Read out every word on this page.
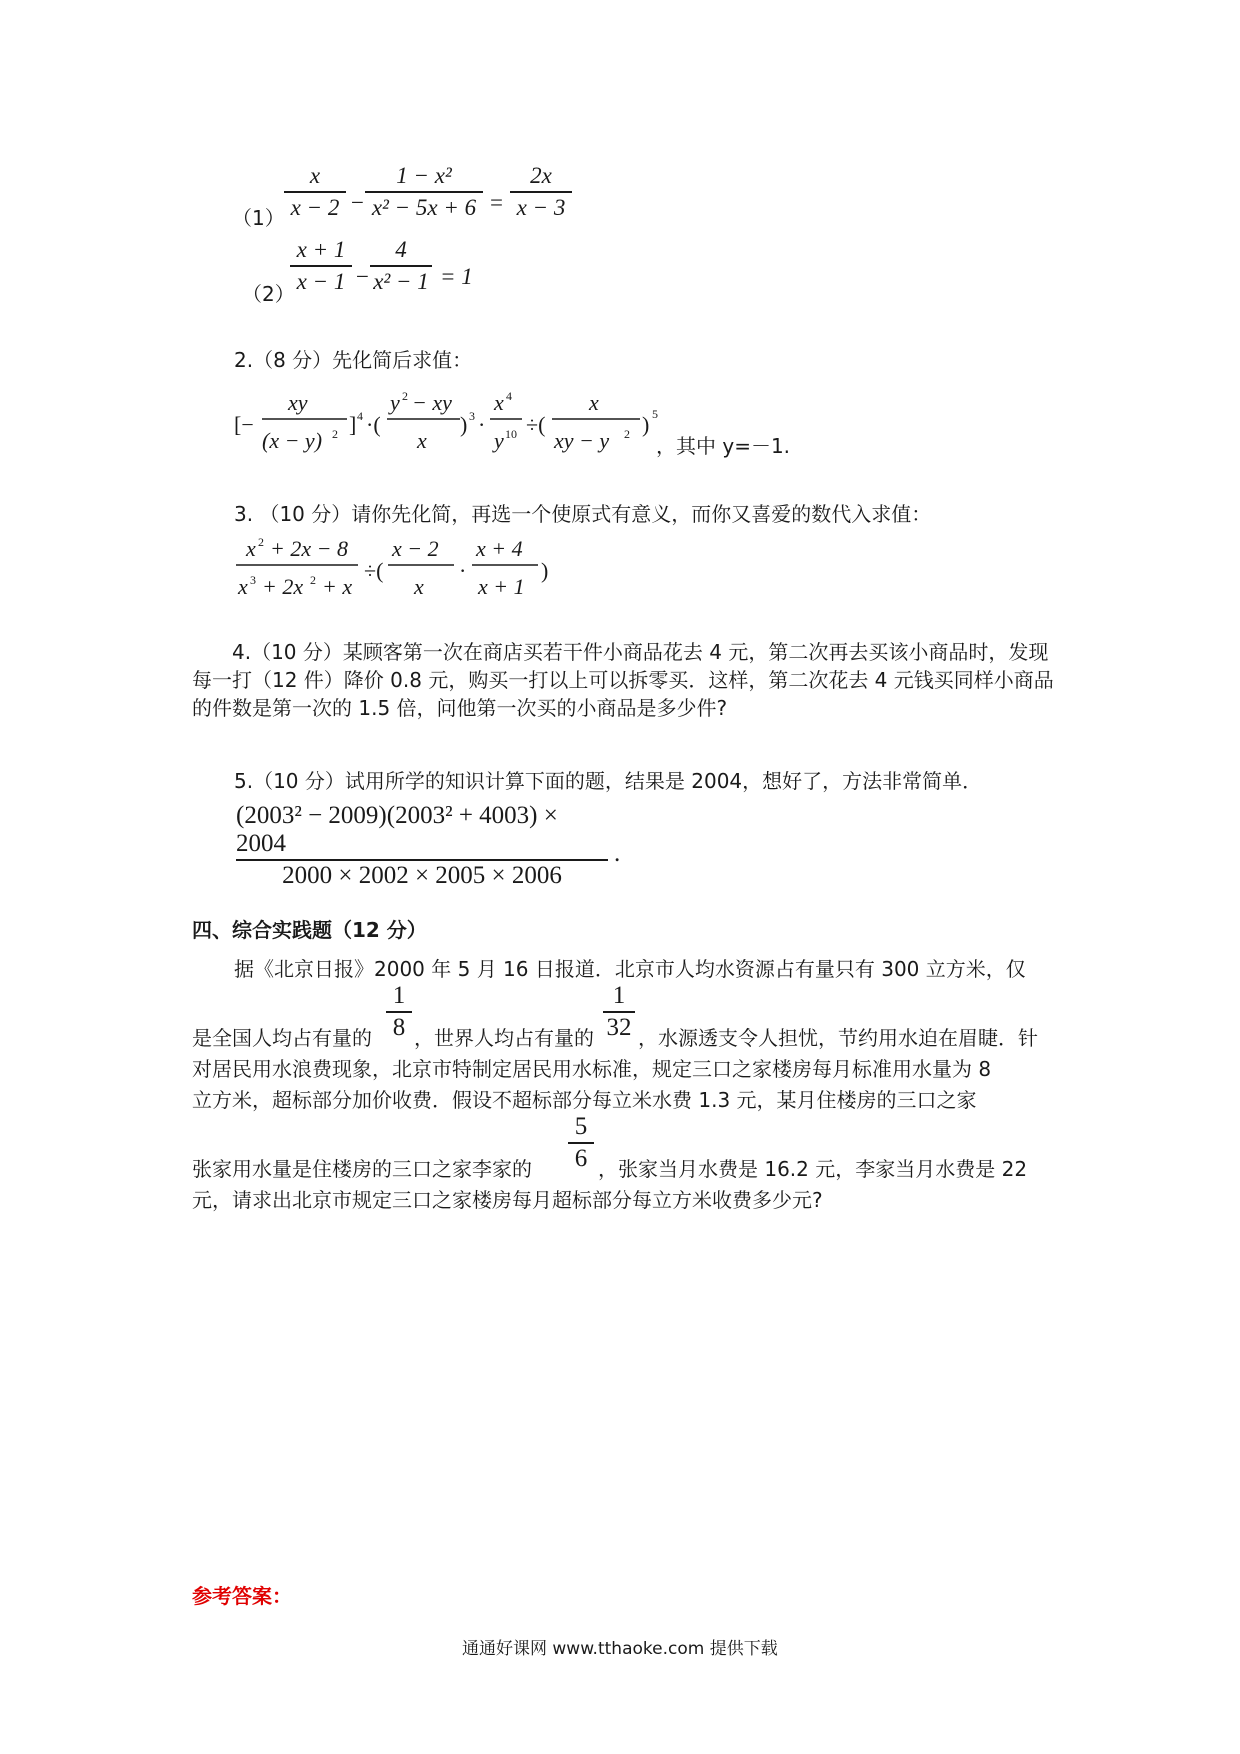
（1）
x
x − 2 −
1 − x²
x² − 5x + 6 =
2x
x − 3
（2）
x + 1
x − 1 −
4
x² − 1 = 1
2.（8 分）先化简后求值：
[−
xy
(x − y) 2 ] 4 ·(
y 2 − xy
x
) 3 ·
x 4
y 10 ÷(
x
xy − y 2 ) 5
，其中 y=－1.
3. （10 分）请你先化简，再选一个使原式有意义，而你又喜爱的数代入求值：
x 2 + 2x − 8
x 3 + 2x 2 + x
÷(
x − 2
x
·
x + 4
x + 1
)
4.（10 分）某顾客第一次在商店买若干件小商品花去 4 元，第二次再去买该小商品时，发现每一打（12 件）降价 0.8 元，购买一打以上可以拆零买．这样，第二次花去 4 元钱买同样小商品的件数是第一次的 1.5 倍，问他第一次买的小商品是多少件?
5.（10 分）试用所学的知识计算下面的题，结果是 2004，想好了，方法非常简单．
(2003² − 2009)(2003² + 4003) × 2004
2000 × 2002 × 2005 × 2006
.
四、综合实践题（12 分）
据《北京日报》2000 年 5 月 16 日报道．北京市人均水资源占有量只有 300 立方米，仅
是全国人均占有量的
1
8 ，世界人均占有量的
1
32 ，水源透支令人担忧，节约用水迫在眉睫．针
对居民用水浪费现象，北京市特制定居民用水标准，规定三口之家楼房每月标准用水量为 8
立方米，超标部分加价收费．假设不超标部分每立米水费 1.3 元，某月住楼房的三口之家
张家用水量是住楼房的三口之家李家的
5
6 ，张家当月水费是 16.2 元，李家当月水费是 22
元，请求出北京市规定三口之家楼房每月超标部分每立方米收费多少元?
参考答案：
通通好课网 www.tthaoke.com 提供下载
